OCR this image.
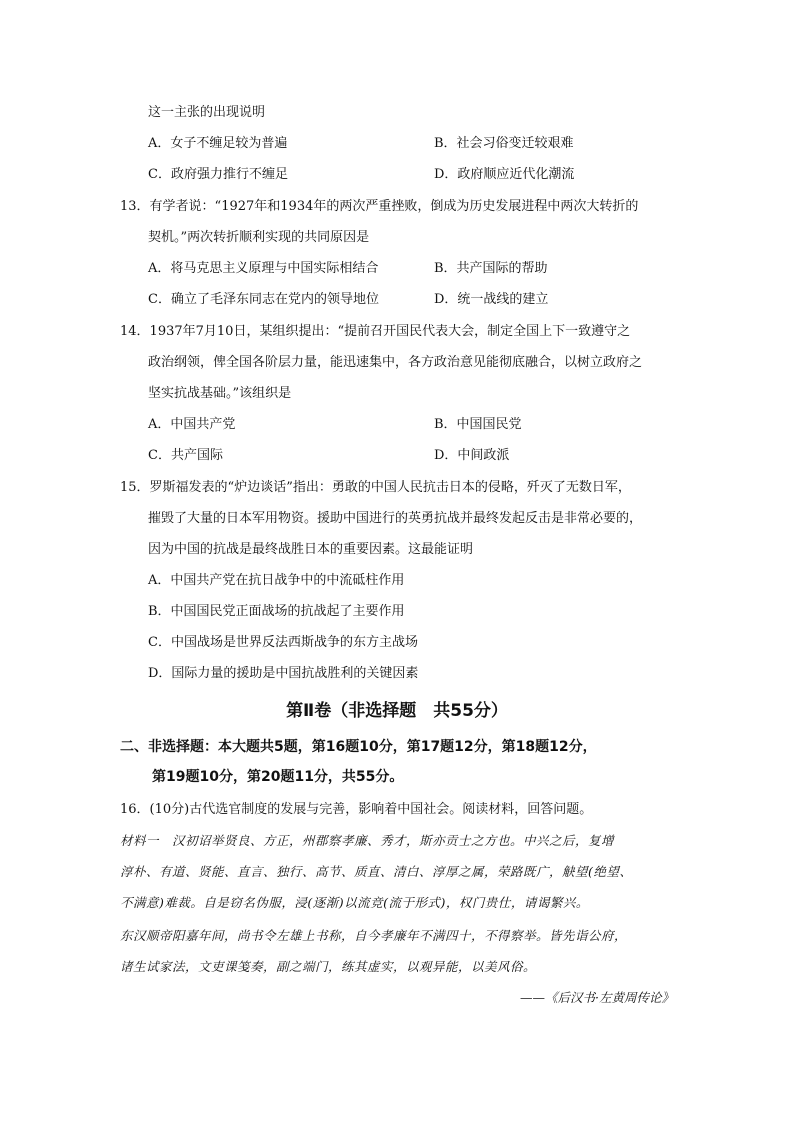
这一主张的出现说明
A．女子不缠足较为普遍	B．社会习俗变迁较艰难
C．政府强力推行不缠足	D．政府顺应近代化潮流
13．有学者说：“1927年和1934年的两次严重挫败，倒成为历史发展进程中两次大转折的
契机。”两次转折顺利实现的共同原因是
A．将马克思主义原理与中国实际相结合	B．共产国际的帮助
C．确立了毛泽东同志在党内的领导地位	D．统一战线的建立
14．1937年7月10日，某组织提出：“提前召开国民代表大会，制定全国上下一致遵守之
政治纲领，俾全国各阶层力量，能迅速集中，各方政治意见能彻底融合，以树立政府之
坚实抗战基础。”该组织是
A．中国共产党	B．中国国民党
C．共产国际	D．中间政派
15．罗斯福发表的“炉边谈话”指出：勇敢的中国人民抗击日本的侵略，歼灭了无数日军，
摧毁了大量的日本军用物资。援助中国进行的英勇抗战并最终发起反击是非常必要的，
因为中国的抗战是最终战胜日本的重要因素。这最能证明
A．中国共产党在抗日战争中的中流砥柱作用
B．中国国民党正面战场的抗战起了主要作用
C．中国战场是世界反法西斯战争的东方主战场
D．国际力量的援助是中国抗战胜利的关键因素
第Ⅱ卷（非选择题　共55分）
二、非选择题：本大题共5题，第16题10分，第17题12分，第18题12分，
第19题10分，第20题11分，共55分。
16．(10分)古代选官制度的发展与完善，影响着中国社会。阅读材料，回答问题。
材料一　汉初诏举贤良、方正，州郡察孝廉、秀才，斯亦贡士之方也。中兴之后，复增
淳朴、有道、贤能、直言、独行、高节、质直、清白、淳厚之属，荣路既广，觖望(绝望、
不满意)难裁。自是窃名伪服，浸(逐渐)以流竞(流于形式)，权门贵仕，请谒繁兴。
东汉顺帝阳嘉年间，尚书令左雄上书称，自今孝廉年不满四十，不得察举。皆先诣公府，
诸生试家法，文吏课笺奏，副之端门，练其虚实，以观异能，以美风俗。
——《后汉书·左黄周传论》
